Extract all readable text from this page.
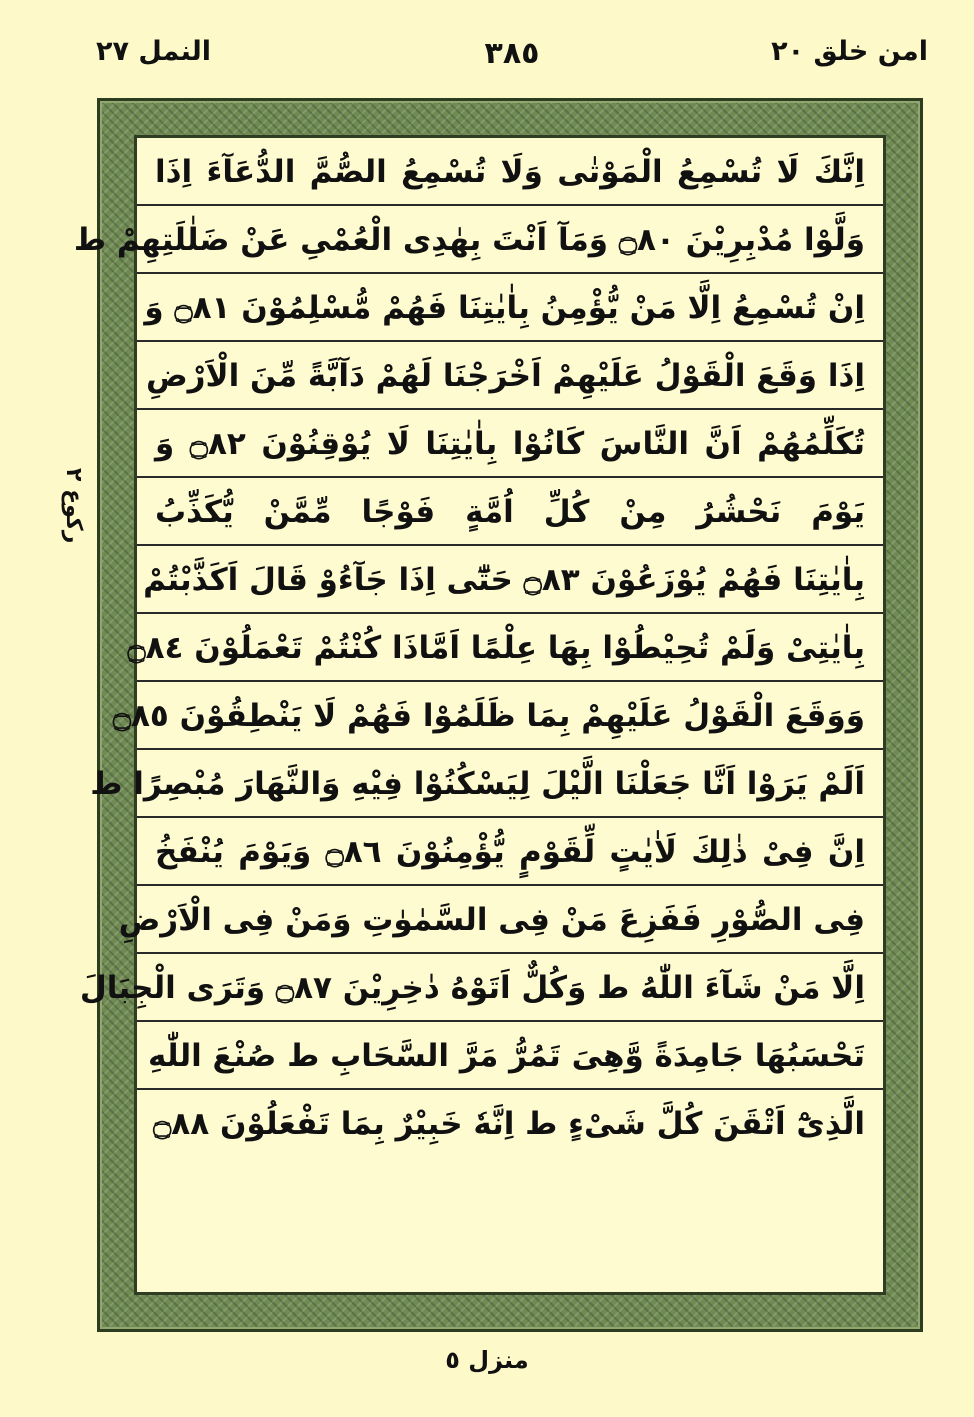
امن خلق ٢٠
٣٨٥
النمل ٢٧
ركوع ٢
اِنَّكَ لَا تُسْمِعُ الْمَوْتٰى وَلَا تُسْمِعُ الصُّمَّ الدُّعَآءَ اِذَا
وَلَّوْا مُدْبِرِيْنَ ۝٨٠ وَمَآ اَنْتَ بِهٰدِى الْعُمْىِ عَنْ ضَلٰلَتِهِمْ ط
اِنْ تُسْمِعُ اِلَّا مَنْ يُّؤْمِنُ بِاٰيٰتِنَا فَهُمْ مُّسْلِمُوْنَ ۝٨١ وَ
اِذَا وَقَعَ الْقَوْلُ عَلَيْهِمْ اَخْرَجْنَا لَهُمْ دَآبَّةً مِّنَ الْاَرْضِ
تُكَلِّمُهُمْ اَنَّ النَّاسَ كَانُوْا بِاٰيٰتِنَا لَا يُوْقِنُوْنَ ۝٨٢ وَ
يَوْمَ نَحْشُرُ مِنْ كُلِّ اُمَّةٍ فَوْجًا مِّمَّنْ يُّكَذِّبُ
بِاٰيٰتِنَا فَهُمْ يُوْزَعُوْنَ ۝٨٣ حَتّٰٓى اِذَا جَآءُوْ قَالَ اَكَذَّبْتُمْ
بِاٰيٰتِىْ وَلَمْ تُحِيْطُوْا بِهَا عِلْمًا اَمَّاذَا كُنْتُمْ تَعْمَلُوْنَ ۝٨٤
وَوَقَعَ الْقَوْلُ عَلَيْهِمْ بِمَا ظَلَمُوْا فَهُمْ لَا يَنْطِقُوْنَ ۝٨٥
اَلَمْ يَرَوْا اَنَّا جَعَلْنَا الَّيْلَ لِيَسْكُنُوْا فِيْهِ وَالنَّهَارَ مُبْصِرًا ط
اِنَّ فِىْ ذٰلِكَ لَاٰيٰتٍ لِّقَوْمٍ يُّؤْمِنُوْنَ ۝٨٦ وَيَوْمَ يُنْفَخُ
فِى الصُّوْرِ فَفَزِعَ مَنْ فِى السَّمٰوٰتِ وَمَنْ فِى الْاَرْضِ
اِلَّا مَنْ شَآءَ اللّٰهُ ط وَكُلٌّ اَتَوْهُ دٰخِرِيْنَ ۝٨٧ وَتَرَى الْجِبَالَ
تَحْسَبُهَا جَامِدَةً وَّهِىَ تَمُرُّ مَرَّ السَّحَابِ ط صُنْعَ اللّٰهِ
الَّذِىْٓ اَتْقَنَ كُلَّ شَىْءٍ ط اِنَّهٗ خَبِيْرٌ بِمَا تَفْعَلُوْنَ ۝٨٨
منزل ٥
